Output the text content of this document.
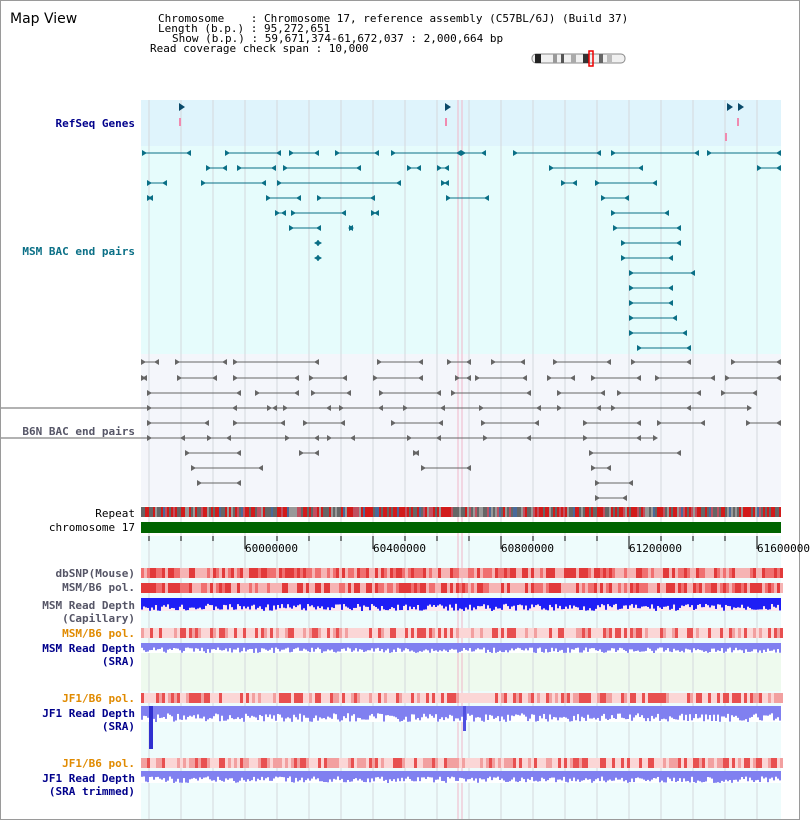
Map View	Chromosome    : Chromosome 17, reference assembly (C57BL/6J) (Build 37)
Length (b.p.) : 95,272,651
Show (b.p.) : 59,671,374-61,672,037 : 2,000,664 bp
Read coverage check span : 10,000
RefSeq Genes
MSM BAC end pairs
B6N BAC end pairs
Repeat
chromosome 17
dbSNP(Mouse)
MSM/B6 pol.
MSM Read Depth
(Capillary)
MSM/B6 pol.
MSM Read Depth
(SRA)
JF1/B6 pol.
JF1 Read Depth
(SRA)
JF1/B6 pol.
JF1 Read Depth
(SRA trimmed)
60000000	60400000	60800000	61200000	61600000
